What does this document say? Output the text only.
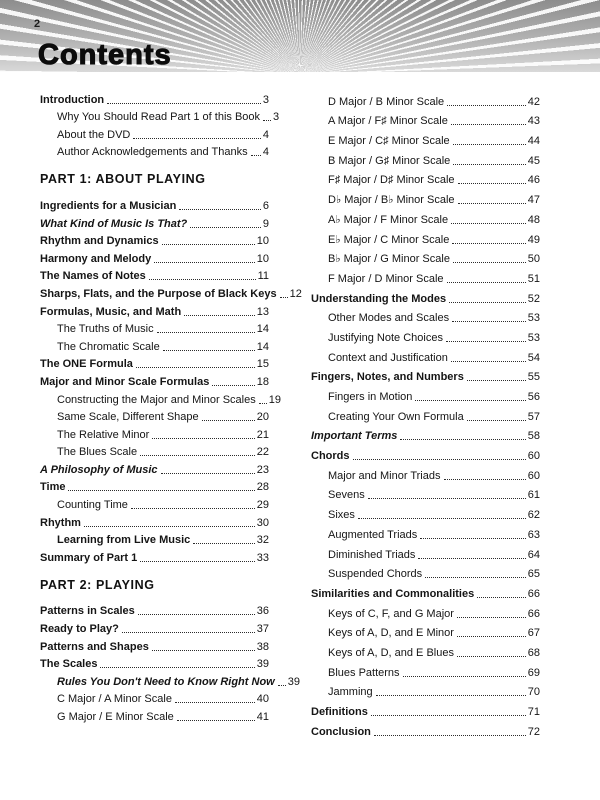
2
Contents
Introduction	3
Why You Should Read Part 1 of this Book 3
About the DVD	4
Author Acknowledgements and Thanks 4
PART 1: ABOUT PLAYING
Ingredients for a Musician	6
What Kind of Music Is That?	9
Rhythm and Dynamics	10
Harmony and Melody	10
The Names of Notes	11
Sharps, Flats, and the Purpose of Black Keys 12
Formulas, Music, and Math	13
The Truths of Music	14
The Chromatic Scale	14
The ONE Formula	15
Major and Minor Scale Formulas	18
Constructing the Major and Minor Scales 19
Same Scale, Different Shape	20
The Relative Minor	21
The Blues Scale	22
A Philosophy of Music	23
Time	28
Counting Time	29
Rhythm	30
Learning from Live Music	32
Summary of Part 1	33
PART 2: PLAYING
Patterns in Scales	36
Ready to Play?	37
Patterns and Shapes	38
The Scales	39
Rules You Don't Need to Know Right Now 39
C Major / A Minor Scale	40
G Major / E Minor Scale	41
D Major / B Minor Scale	42
A Major / F♯ Minor Scale	43
E Major / C♯ Minor Scale	44
B Major / G♯ Minor Scale	45
F♯ Major / D♯ Minor Scale	46
D♭ Major / B♭ Minor Scale	47
A♭ Major / F Minor Scale	48
E♭ Major / C Minor Scale	49
B♭ Major / G Minor Scale	50
F Major / D Minor Scale	51
Understanding the Modes	52
Other Modes and Scales	53
Justifying Note Choices	53
Context and Justification	54
Fingers, Notes, and Numbers	55
Fingers in Motion	56
Creating Your Own Formula	57
Important Terms	58
Chords	60
Major and Minor Triads	60
Sevens	61
Sixes	62
Augmented Triads	63
Diminished Triads	64
Suspended Chords	65
Similarities and Commonalities	66
Keys of C, F, and G Major	66
Keys of A, D, and E Minor	67
Keys of A, D, and E Blues	68
Blues Patterns	69
Jamming	70
Definitions	71
Conclusion	72
